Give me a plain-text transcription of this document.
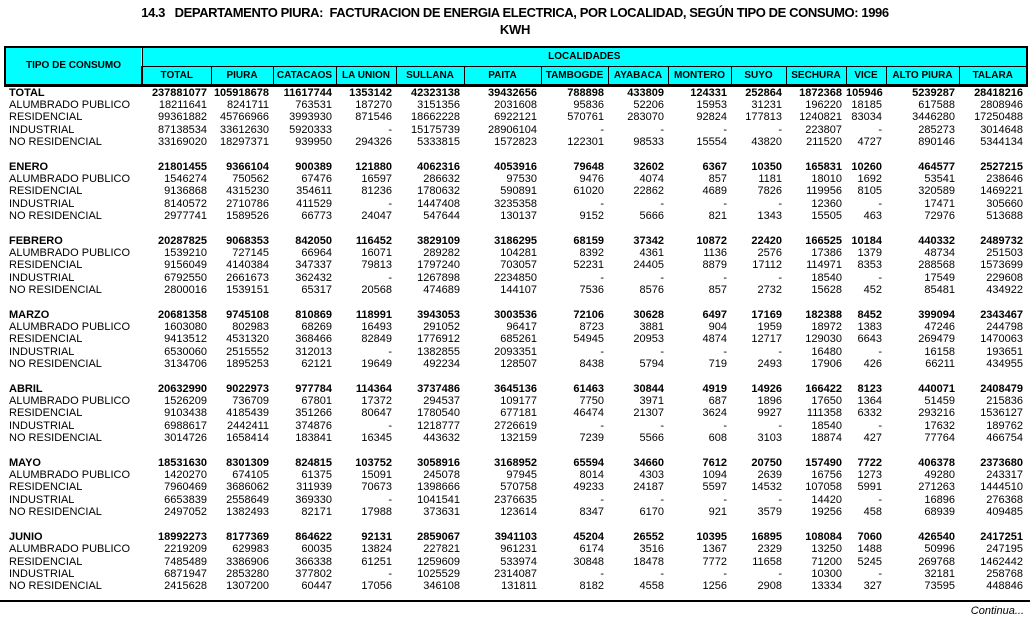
14.3   DEPARTAMENTO PIURA:  FACTURACION DE ENERGIA ELECTRICA, POR LOCALIDAD, SEGÚN TIPO DE CONSUMO: 1996
KWH
TIPO DE CONSUMO	LOCALIDADES													
	TOTAL	PIURA	CATACAOS	LA UNION	SULLANA	PAITA	TAMBOGDE	AYABACA	MONTERO	SUYO	SECHURA	VICE	ALTO PIURA	TALARA
TOTAL	237881077	105918678	11617744	1353142	42323138	39432656	788898	433809	124331	252864	1872368	105946	5239287	28418216
ALUMBRADO PUBLICO	18211641	8241711	763531	187270	3151356	2031608	95836	52206	15953	31231	196220	18185	617588	2808946
RESIDENCIAL	99361882	45766966	3993930	871546	18662228	6922121	570761	283070	92824	177813	1240821	83034	3446280	17250488
INDUSTRIAL	87138534	33612630	5920333	-	15175739	28906104	-	-	-	-	223807	-	285273	3014648
NO RESIDENCIAL	33169020	18297371	939950	294326	5333815	1572823	122301	98533	15554	43820	211520	4727	890146	5344134

ENERO	21801455	9366104	900389	121880	4062316	4053916	79648	32602	6367	10350	165831	10260	464577	2527215
ALUMBRADO PUBLICO	1546274	750562	67476	16597	286632	97530	9476	4074	857	1181	18010	1692	53541	238646
RESIDENCIAL	9136868	4315230	354611	81236	1780632	590891	61020	22862	4689	7826	119956	8105	320589	1469221
INDUSTRIAL	8140572	2710786	411529	-	1447408	3235358	-	-	-	-	12360	-	17471	305660
NO RESIDENCIAL	2977741	1589526	66773	24047	547644	130137	9152	5666	821	1343	15505	463	72976	513688

FEBRERO	20287825	9068353	842050	116452	3829109	3186295	68159	37342	10872	22420	166525	10184	440332	2489732
ALUMBRADO PUBLICO	1539210	727145	66964	16071	289282	104281	8392	4361	1136	2576	17386	1379	48734	251503
RESIDENCIAL	9156049	4140384	347337	79813	1797240	703057	52231	24405	8879	17112	114971	8353	288568	1573699
INDUSTRIAL	6792550	2661673	362432	-	1267898	2234850	-	-	-	-	18540	-	17549	229608
NO RESIDENCIAL	2800016	1539151	65317	20568	474689	144107	7536	8576	857	2732	15628	452	85481	434922

MARZO	20681358	9745108	810869	118991	3943053	3003536	72106	30628	6497	17169	182388	8452	399094	2343467
ALUMBRADO PUBLICO	1603080	802983	68269	16493	291052	96417	8723	3881	904	1959	18972	1383	47246	244798
RESIDENCIAL	9413512	4531320	368466	82849	1776912	685261	54945	20953	4874	12717	129030	6643	269479	1470063
INDUSTRIAL	6530060	2515552	312013	-	1382855	2093351	-	-	-	-	16480	-	16158	193651
NO RESIDENCIAL	3134706	1895253	62121	19649	492234	128507	8438	5794	719	2493	17906	426	66211	434955

ABRIL	20632990	9022973	977784	114364	3737486	3645136	61463	30844	4919	14926	166422	8123	440071	2408479
ALUMBRADO PUBLICO	1526209	736709	67801	17372	294537	109177	7750	3971	687	1896	17650	1364	51459	215836
RESIDENCIAL	9103438	4185439	351266	80647	1780540	677181	46474	21307	3624	9927	111358	6332	293216	1536127
INDUSTRIAL	6988617	2442411	374876	-	1218777	2726619	-	-	-	-	18540	-	17632	189762
NO RESIDENCIAL	3014726	1658414	183841	16345	443632	132159	7239	5566	608	3103	18874	427	77764	466754

MAYO	18531630	8301309	824815	103752	3058916	3168952	65594	34660	7612	20750	157490	7722	406378	2373680
ALUMBRADO PUBLICO	1420270	674105	61375	15091	245078	97945	8014	4303	1094	2639	16756	1273	49280	243317
RESIDENCIAL	7960469	3686062	311939	70673	1398666	570758	49233	24187	5597	14532	107058	5991	271263	1444510
INDUSTRIAL	6653839	2558649	369330	-	1041541	2376635	-	-	-	-	14420	-	16896	276368
NO RESIDENCIAL	2497052	1382493	82171	17988	373631	123614	8347	6170	921	3579	19256	458	68939	409485

JUNIO	18992273	8177369	864622	92131	2859067	3941103	45204	26552	10395	16895	108084	7060	426540	2417251
ALUMBRADO PUBLICO	2219209	629983	60035	13824	227821	961231	6174	3516	1367	2329	13250	1488	50996	247195
RESIDENCIAL	7485489	3386906	366338	61251	1259609	533974	30848	18478	7772	11658	71200	5245	269768	1462442
INDUSTRIAL	6871947	2853280	377802	-	1025529	2314087	-	-	-	-	10300	-	32181	258768
NO RESIDENCIAL	2415628	1307200	60447	17056	346108	131811	8182	4558	1256	2908	13334	327	73595	448846
Continua...
